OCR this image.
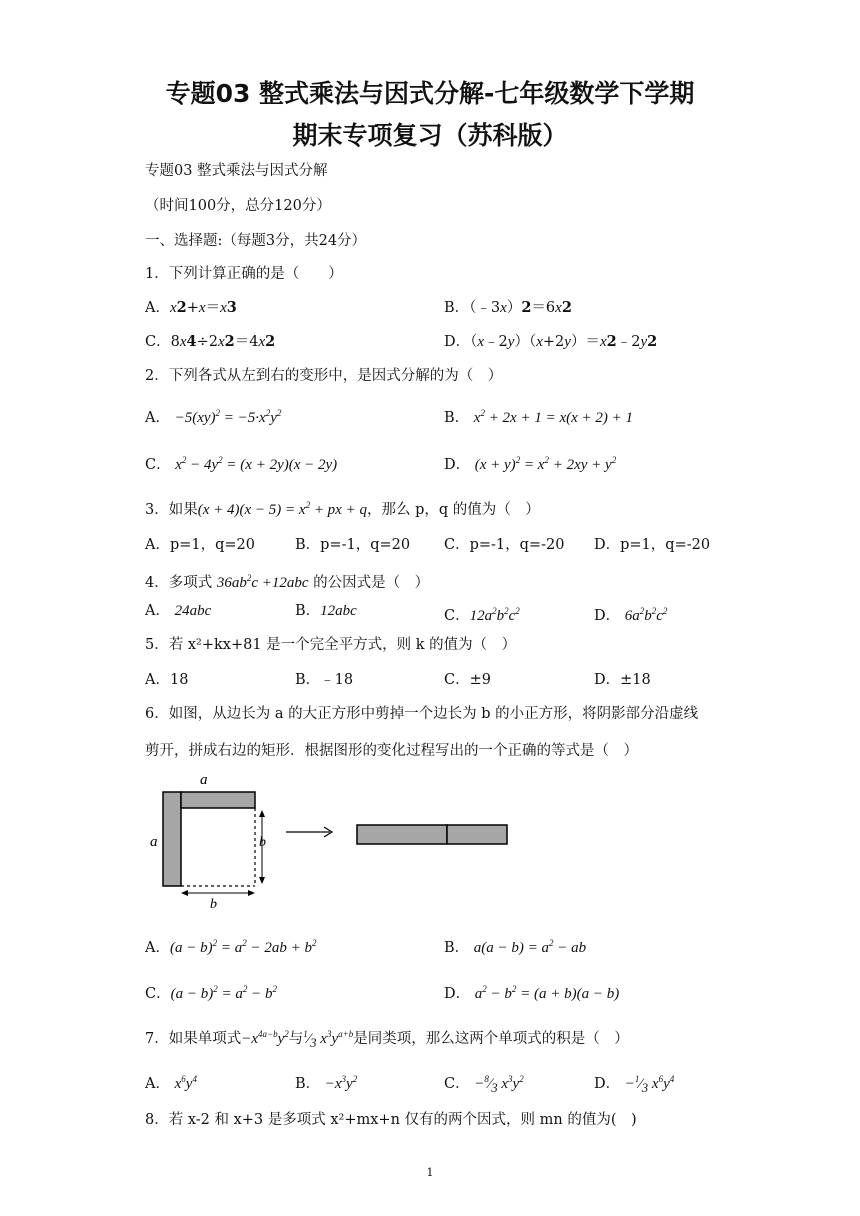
专题03 整式乘法与因式分解-七年级数学下学期
期末专项复习（苏科版）
专题03 整式乘法与因式分解
（时间100分，总分120分）
一、选择题:（每题3分，共24分）
1．下列计算正确的是（　　）
A．x2+x＝x3	B．（﹣3x）2＝6x2
C．8x4÷2x2＝4x2	D．（x﹣2y）（x+2y）＝x2﹣2y2
2．下列各式从左到右的变形中，是因式分解的为（　）
A． $-5(xy)^2 = -5\cdot x^2y^2$	B． $x^2 + 2x + 1 = x(x + 2) + 1$
C． $x^2 - 4y^2 = (x + 2y)(x - 2y)$	D． $(x + y)^2 = x^2 + 2xy + y^2$
3．如果$(x + 4)(x - 5) = x^2$ + px + q，那么 p，q 的值为（　）
A．p=1，q=20	B．p=-1，q=20 C．p=-1，q=-20 D．p=1，q=-20
4．多项式 $36ab^2c +12abc$ 的公因式是（　）
A． 24abc	B．12abc	C．$12a^2b^2c^2$	D． $6a^2b^2c^2$
5．若 x²+kx+81 是一个完全平方式，则 k 的值为（　）
A．18	B．﹣18	C．±9	D．±18
6．如图，从边长为 a 的大正方形中剪掉一个边长为 b 的小正方形，将阴影部分沿虚线
剪开，拼成右边的矩形．根据图形的变化过程写出的一个正确的等式是（　）
a
a	b
b
A．$(a - b)^2 = a^2 - 2ab + b^2$	B． $a(a - b) = a^2$ − ab
C．$(a - b)^2 = a^2 - b^2$	D． $a^2 - b^2 = (a + b)(a - b)$
7．如果单项式$-x^{4a-b}y^2$与$^1⁄_3$ $x^3y^{a+b}$是同类项，那么这两个单项式的积是（　）
A． $x^6y^4$	B． $-x^3y^2$	C． $-^8⁄_3$ $x^3y^2$	D． $-^1⁄_3$ $x^6y^4$
8．若 x-2 和 x+3 是多项式 x²+mx+n 仅有的两个因式，则 mn 的值为(　)
1
